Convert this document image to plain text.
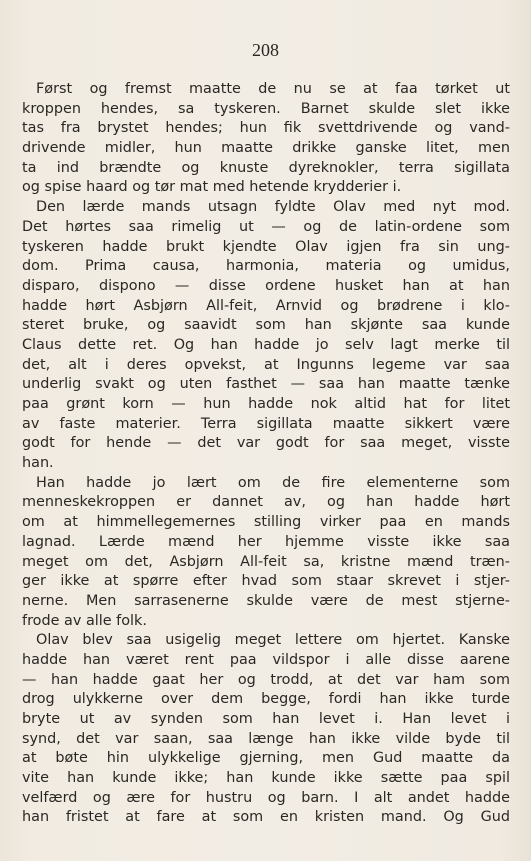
208
Først og fremst maatte de nu se at faa tørket ut
kroppen hendes, sa tyskeren. Barnet skulde slet ikke
tas fra brystet hendes; hun fik svettdrivende og vand-
drivende midler, hun maatte drikke ganske litet, men
ta ind brændte og knuste dyreknokler, terra sigillata
og spise haard og tør mat med hetende krydderier i.
Den lærde mands utsagn fyldte Olav med nyt mod.
Det hørtes saa rimelig ut — og de latin-ordene som
tyskeren hadde brukt kjendte Olav igjen fra sin ung-
dom. Prima causa, harmonia, materia og umidus,
disparo, dispono — disse ordene husket han at han
hadde hørt Asbjørn All-feit, Arnvid og brødrene i klo-
steret bruke, og saavidt som han skjønte saa kunde
Claus dette ret. Og han hadde jo selv lagt merke til
det, alt i deres opvekst, at Ingunns legeme var saa
underlig svakt og uten fasthet — saa han maatte tænke
paa grønt korn — hun hadde nok altid hat for litet
av faste materier. Terra sigillata maatte sikkert være
godt for hende — det var godt for saa meget, visste
han.
Han hadde jo lært om de fire elementerne som
menneskekroppen er dannet av, og han hadde hørt
om at himmellegemernes stilling virker paa en mands
lagnad. Lærde mænd her hjemme visste ikke saa
meget om det, Asbjørn All-feit sa, kristne mænd træn-
ger ikke at spørre efter hvad som staar skrevet i stjer-
nerne. Men sarrasenerne skulde være de mest stjerne-
frode av alle folk.
Olav blev saa usigelig meget lettere om hjertet. Kanske
hadde han været rent paa vildspor i alle disse aarene
— han hadde gaat her og trodd, at det var ham som
drog ulykkerne over dem begge, fordi han ikke turde
bryte ut av synden som han levet i. Han levet i
synd, det var saan, saa længe han ikke vilde byde til
at bøte hin ulykkelige gjerning, men Gud maatte da
vite han kunde ikke; han kunde ikke sætte paa spil
velfærd og ære for hustru og barn. I alt andet hadde
han fristet at fare at som en kristen mand. Og Gud
